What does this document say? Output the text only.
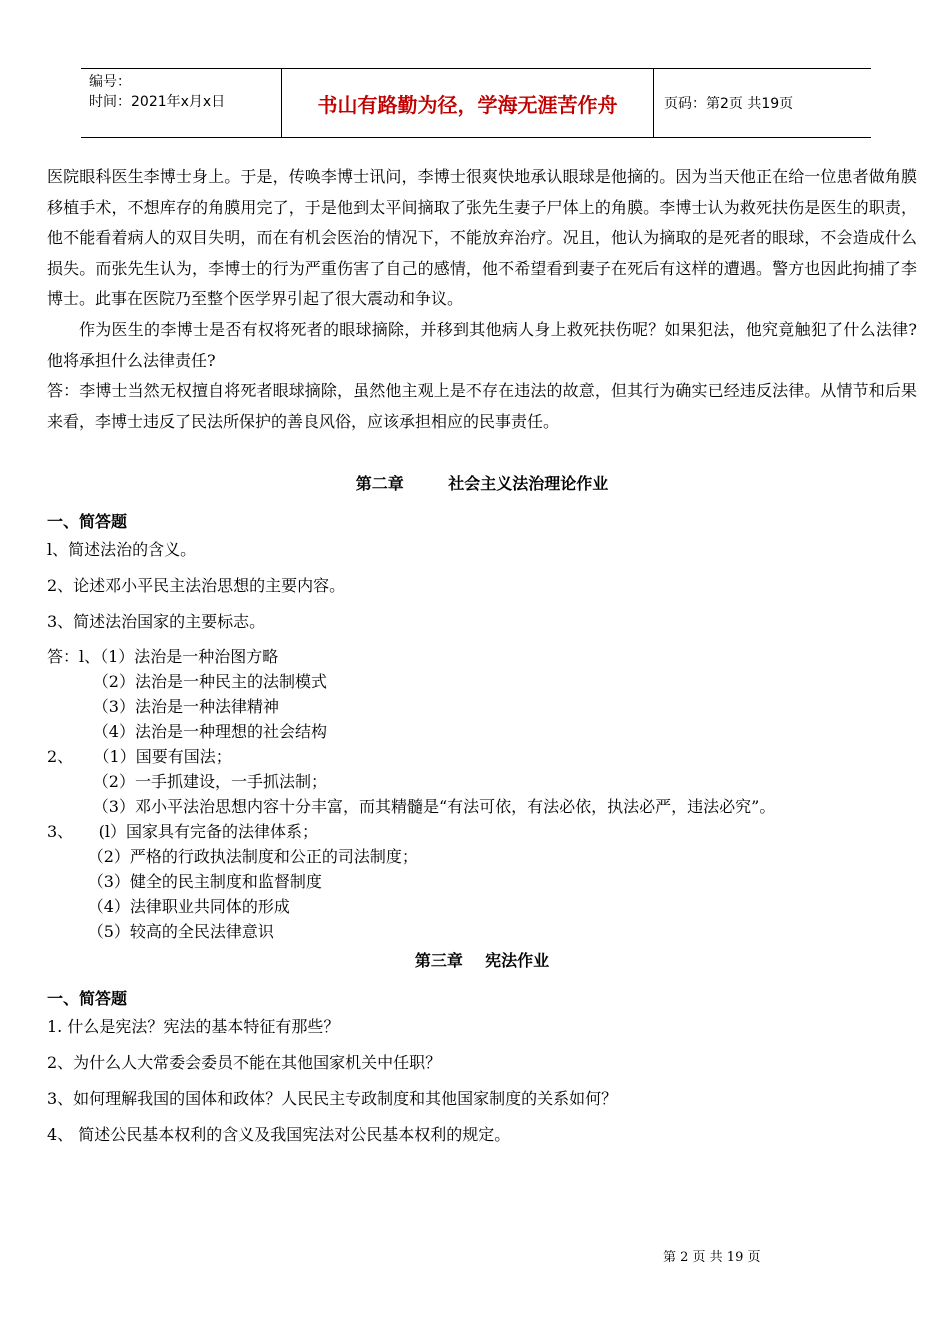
编号：
时间：2021年x月x日	书山有路勤为径，学海无涯苦作舟	页码：第2页 共19页

医院眼科医生李博士身上。于是，传唤李博士讯问，李博士很爽快地承认眼球是他摘的。因为当天他正在给一位患者做角膜移植手术，不想库存的角膜用完了，于是他到太平间摘取了张先生妻子尸体上的角膜。李博士认为救死扶伤是医生的职责，他不能看着病人的双目失明，而在有机会医治的情况下，不能放弃治疗。况且，他认为摘取的是死者的眼球，不会造成什么损失。而张先生认为，李博士的行为严重伤害了自己的感情，他不希望看到妻子在死后有这样的遭遇。警方也因此拘捕了李博士。此事在医院乃至整个医学界引起了很大震动和争议。

作为医生的李博士是否有权将死者的眼球摘除，并移到其他病人身上救死扶伤呢？如果犯法，他究竟触犯了什么法律?他将承担什么法律责任?

答：李博士当然无权擅自将死者眼球摘除，虽然他主观上是不存在违法的故意，但其行为确实已经违反法律。从情节和后果来看，李博士违反了民法所保护的善良风俗，应该承担相应的民事责任。

第二章        社会主义法治理论作业

一、简答题

l、简述法治的含义。

2、论述邓小平民主法治思想的主要内容。

3、简述法治国家的主要标志。

答：l、（1）法治是一种治图方略

（2）法治是一种民主的法制模式

（3）法治是一种法律精神

（4）法治是一种理想的社会结构

2、    （1）国要有国法；

（2）一手抓建设，一手抓法制；

（3）邓小平法治思想内容十分丰富，而其精髓是“有法可依，有法必依，执法必严，违法必究”。

3、     (l）国家具有完备的法律体系；

（2）严格的行政执法制度和公正的司法制度；

（3）健全的民主制度和监督制度

（4）法律职业共同体的形成

（5）较高的全民法律意识

第三章    宪法作业

一、简答题

1. 什么是宪法？宪法的基本特征有那些？

2、为什么人大常委会委员不能在其他国家机关中任职？

3、如何理解我国的国体和政体？人民民主专政制度和其他国家制度的关系如何？

4、 简述公民基本权利的含义及我国宪法对公民基本权利的规定。

第 2 页 共 19 页
